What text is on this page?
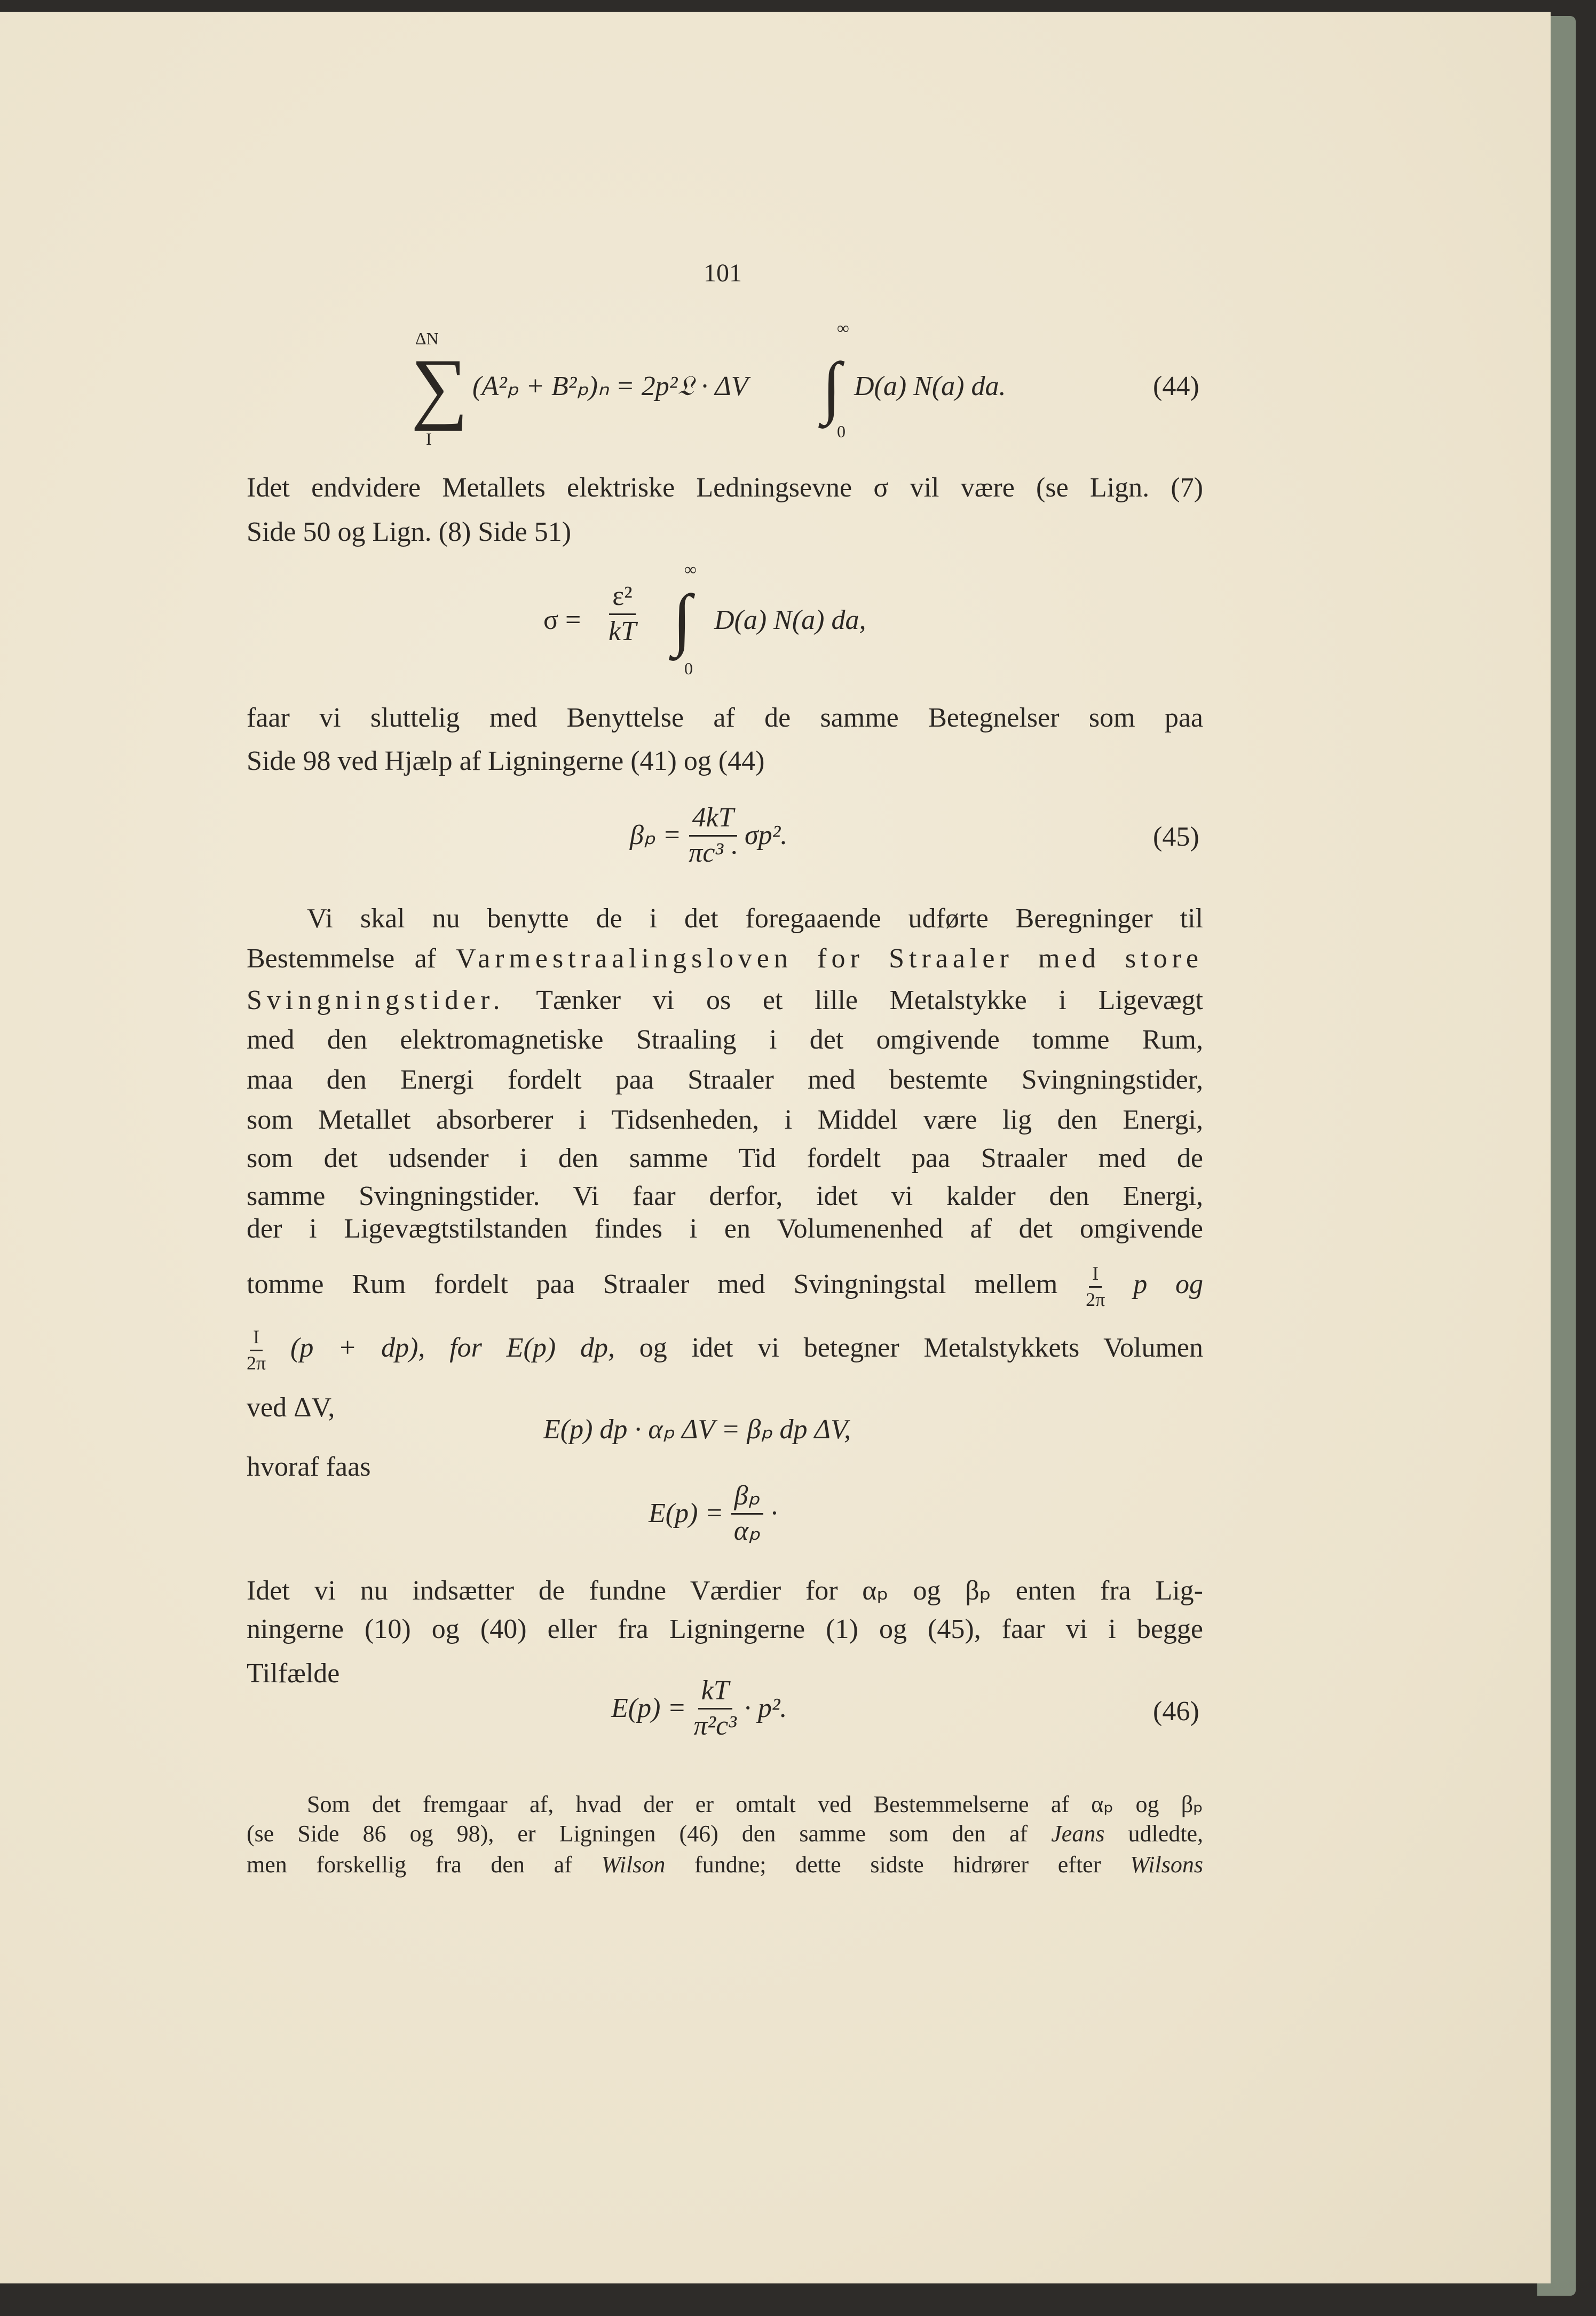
101
ΔN
∑
I
(A²ₚ + B²ₚ)ₙ = 2p²𝔏 · ΔV
∞
∫
0
D(a) N(a) da.	(44)
Idet endvidere Metallets elektriske Ledningsevne σ vil være (se Lign. (7)
Side 50 og Lign. (8) Side 51)
$\sigma = \frac{\text{ε²}}{kT}$
∞
∫
0
D(a) N(a) da,
faar vi sluttelig med Benyttelse af de samme Betegnelser som paa
Side 98 ved Hjælp af Ligningerne (41) og (44)
$\beta_p = \frac{4kT}{\text{πc³ ·}} \sigma p^2$.	(45)
Vi skal nu benytte de i det foregaaende udførte Beregninger til
Bestemmelse af Varmestraalingsloven for Straaler med store
Svingningstider. Tænker vi os et lille Metalstykke i Ligevægt
med den elektromagnetiske Straaling i det omgivende tomme Rum,
maa den Energi fordelt paa Straaler med bestemte Svingningstider,
som Metallet absorberer i Tidsenheden, i Middel være lig den Energi,
som det udsender i den samme Tid fordelt paa Straaler med de
samme Svingningstider. Vi faar derfor, idet vi kalder den Energi,
der i Ligevægtstilstanden findes i en Volumenenhed af det omgivende
tomme Rum fordelt paa Straaler med Svingningstal mellem $\frac{I}{2\pi}$ p og
$\frac{I}{2\pi} (p + dp)$, for E(p) dp, og idet vi betegner Metalstykkets Volumen
ved ΔV,
E(p) dp · αₚ ΔV = βₚ dp ΔV,
hvoraf faas
$E(p) = \frac{\text{βₚ}}{\text{αₚ}}$ ·
Idet vi nu indsætter de fundne Værdier for αₚ og βₚ enten fra Lig-
ningerne (10) og (40) eller fra Ligningerne (1) og (45), faar vi i begge
Tilfælde
$E(p) = \frac{kT}{\text{π²c³}} \cdot p^2$.	(46)
Som det fremgaar af, hvad der er omtalt ved Bestemmelserne af αₚ og βₚ
(se Side 86 og 98), er Ligningen (46) den samme som den af Jeans udledte,
men forskellig fra den af Wilson fundne; dette sidste hidrører efter Wilsons
